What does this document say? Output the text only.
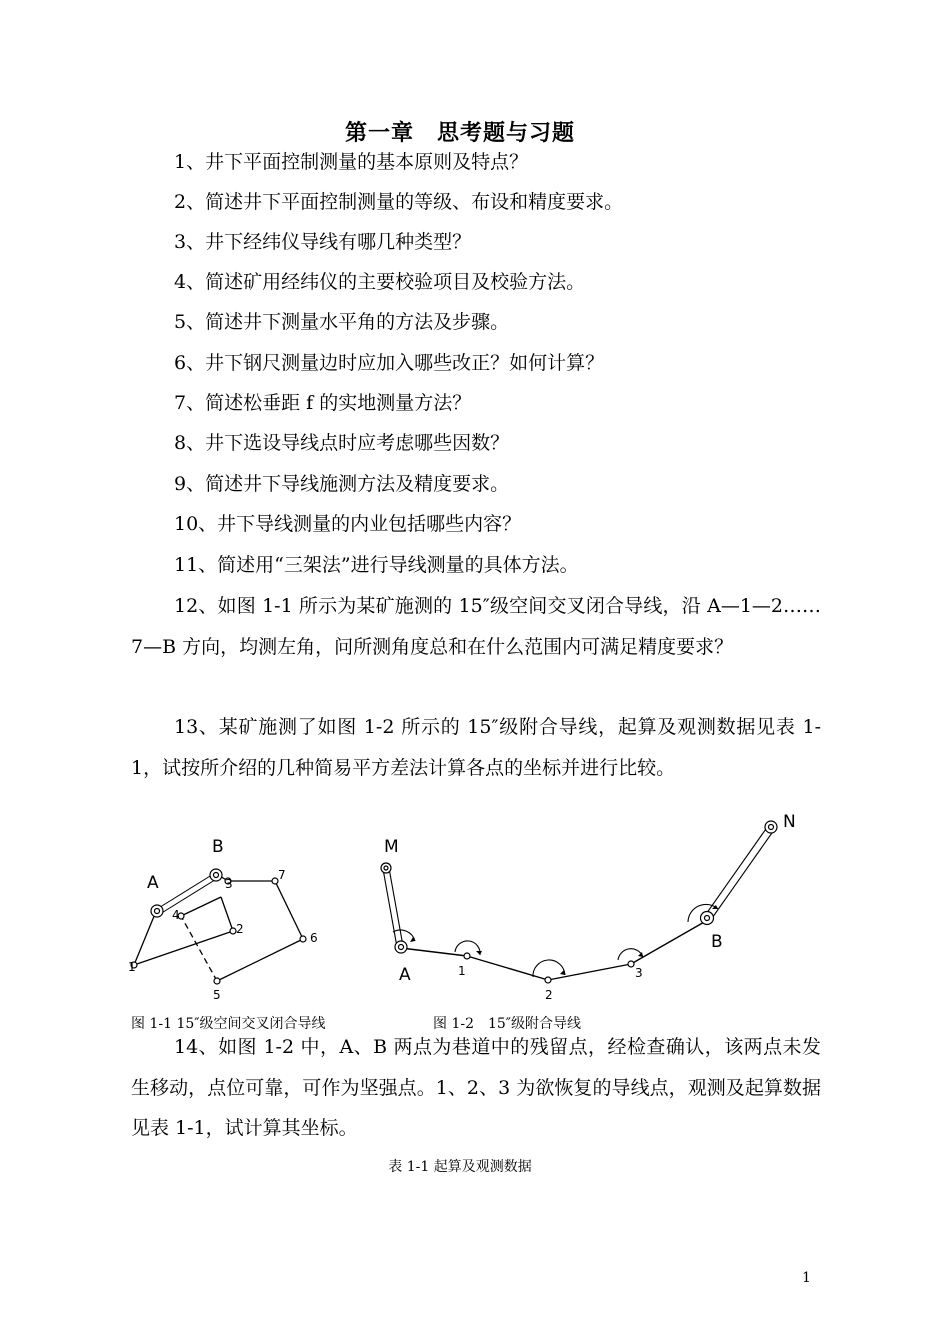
第一章　思考题与习题

1、井下平面控制测量的基本原则及特点？

2、简述井下平面控制测量的等级、布设和精度要求。

3、井下经纬仪导线有哪几种类型？

4、简述矿用经纬仪的主要校验项目及校验方法。

5、简述井下测量水平角的方法及步骤。

6、井下钢尺测量边时应加入哪些改正？如何计算？

7、简述松垂距 f 的实地测量方法？

8、井下选设导线点时应考虑哪些因数？

9、简述井下导线施测方法及精度要求。

10、井下导线测量的内业包括哪些内容？

11、简述用“三架法”进行导线测量的具体方法。

12、如图 1-1 所示为某矿施测的 15″级空间交叉闭合导线，沿 A—1—2……7—B 方向，均测左角，问所测角度总和在什么范围内可满足精度要求？

13、某矿施测了如图 1-2 所示的 15″级附合导线，起算及观测数据见表 1-1，试按所介绍的几种简易平方差法计算各点的坐标并进行比较。

A
B
1
2
3
4
5
6
7
M
N
A
B
1
2
3
图 1-1 15″级空间交叉闭合导线	图 1-2　15″级附合导线

14、如图 1-2 中，A、B 两点为巷道中的残留点，经检查确认，该两点未发生移动，点位可靠，可作为坚强点。1、2、3 为欲恢复的导线点，观测及起算数据见表 1-1，试计算其坐标。

表 1-1 起算及观测数据
1
